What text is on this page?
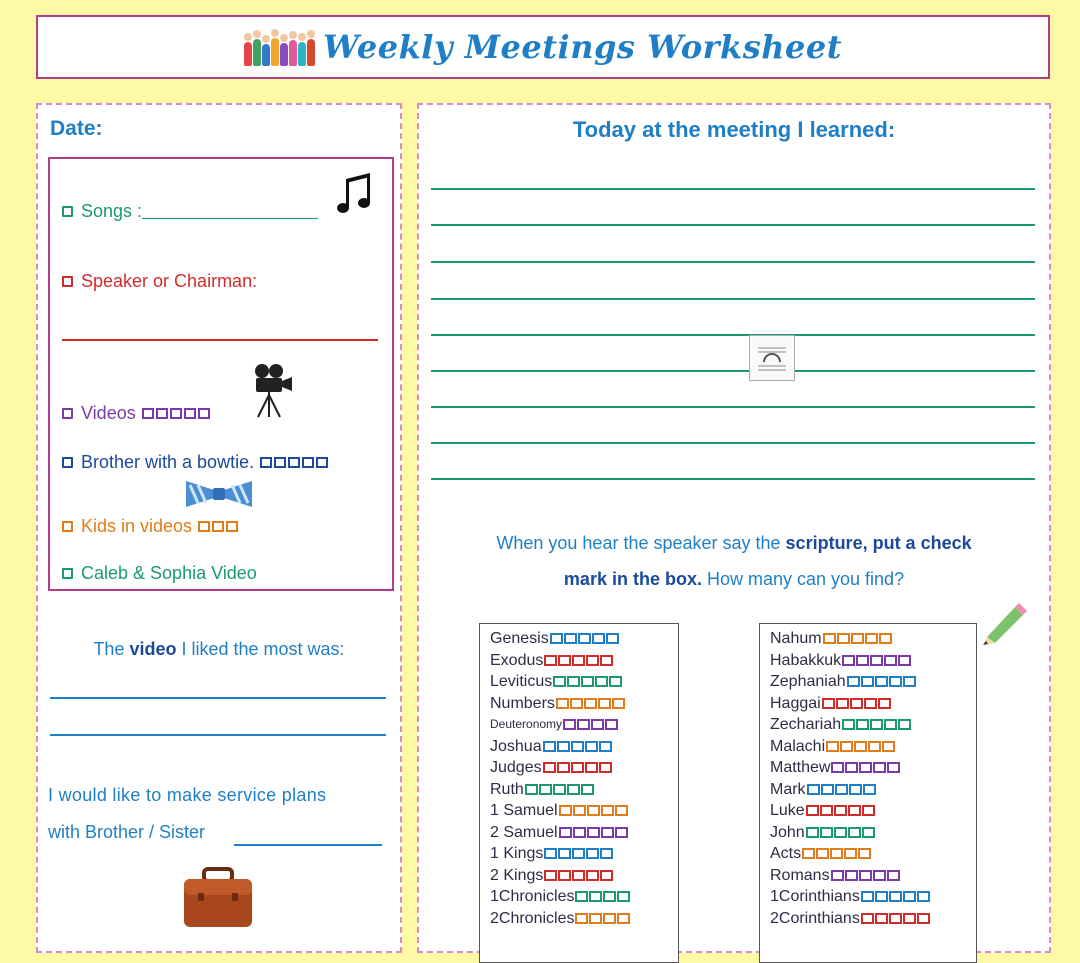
Weekly Meetings Worksheet
Date:
Songs :
Speaker or Chairman:
Videos
Brother with a bowtie.
Kids in videos
Caleb & Sophia Video
The video I liked the most was:
I would like to make service plans
with Brother / Sister
Today at the meeting I learned:
When you hear the speaker say the scripture, put a check
mark in the box. How many can you find?
Genesis
Exodus
Leviticus
Numbers
Deuteronomy
Joshua
Judges
Ruth
1 Samuel
2 Samuel
1 Kings
2 Kings
1Chronicles
2Chronicles
Nahum
Habakkuk
Zephaniah
Haggai
Zechariah
Malachi
Matthew
Mark
Luke
John
Acts
Romans
1Corinthians
2Corinthians
